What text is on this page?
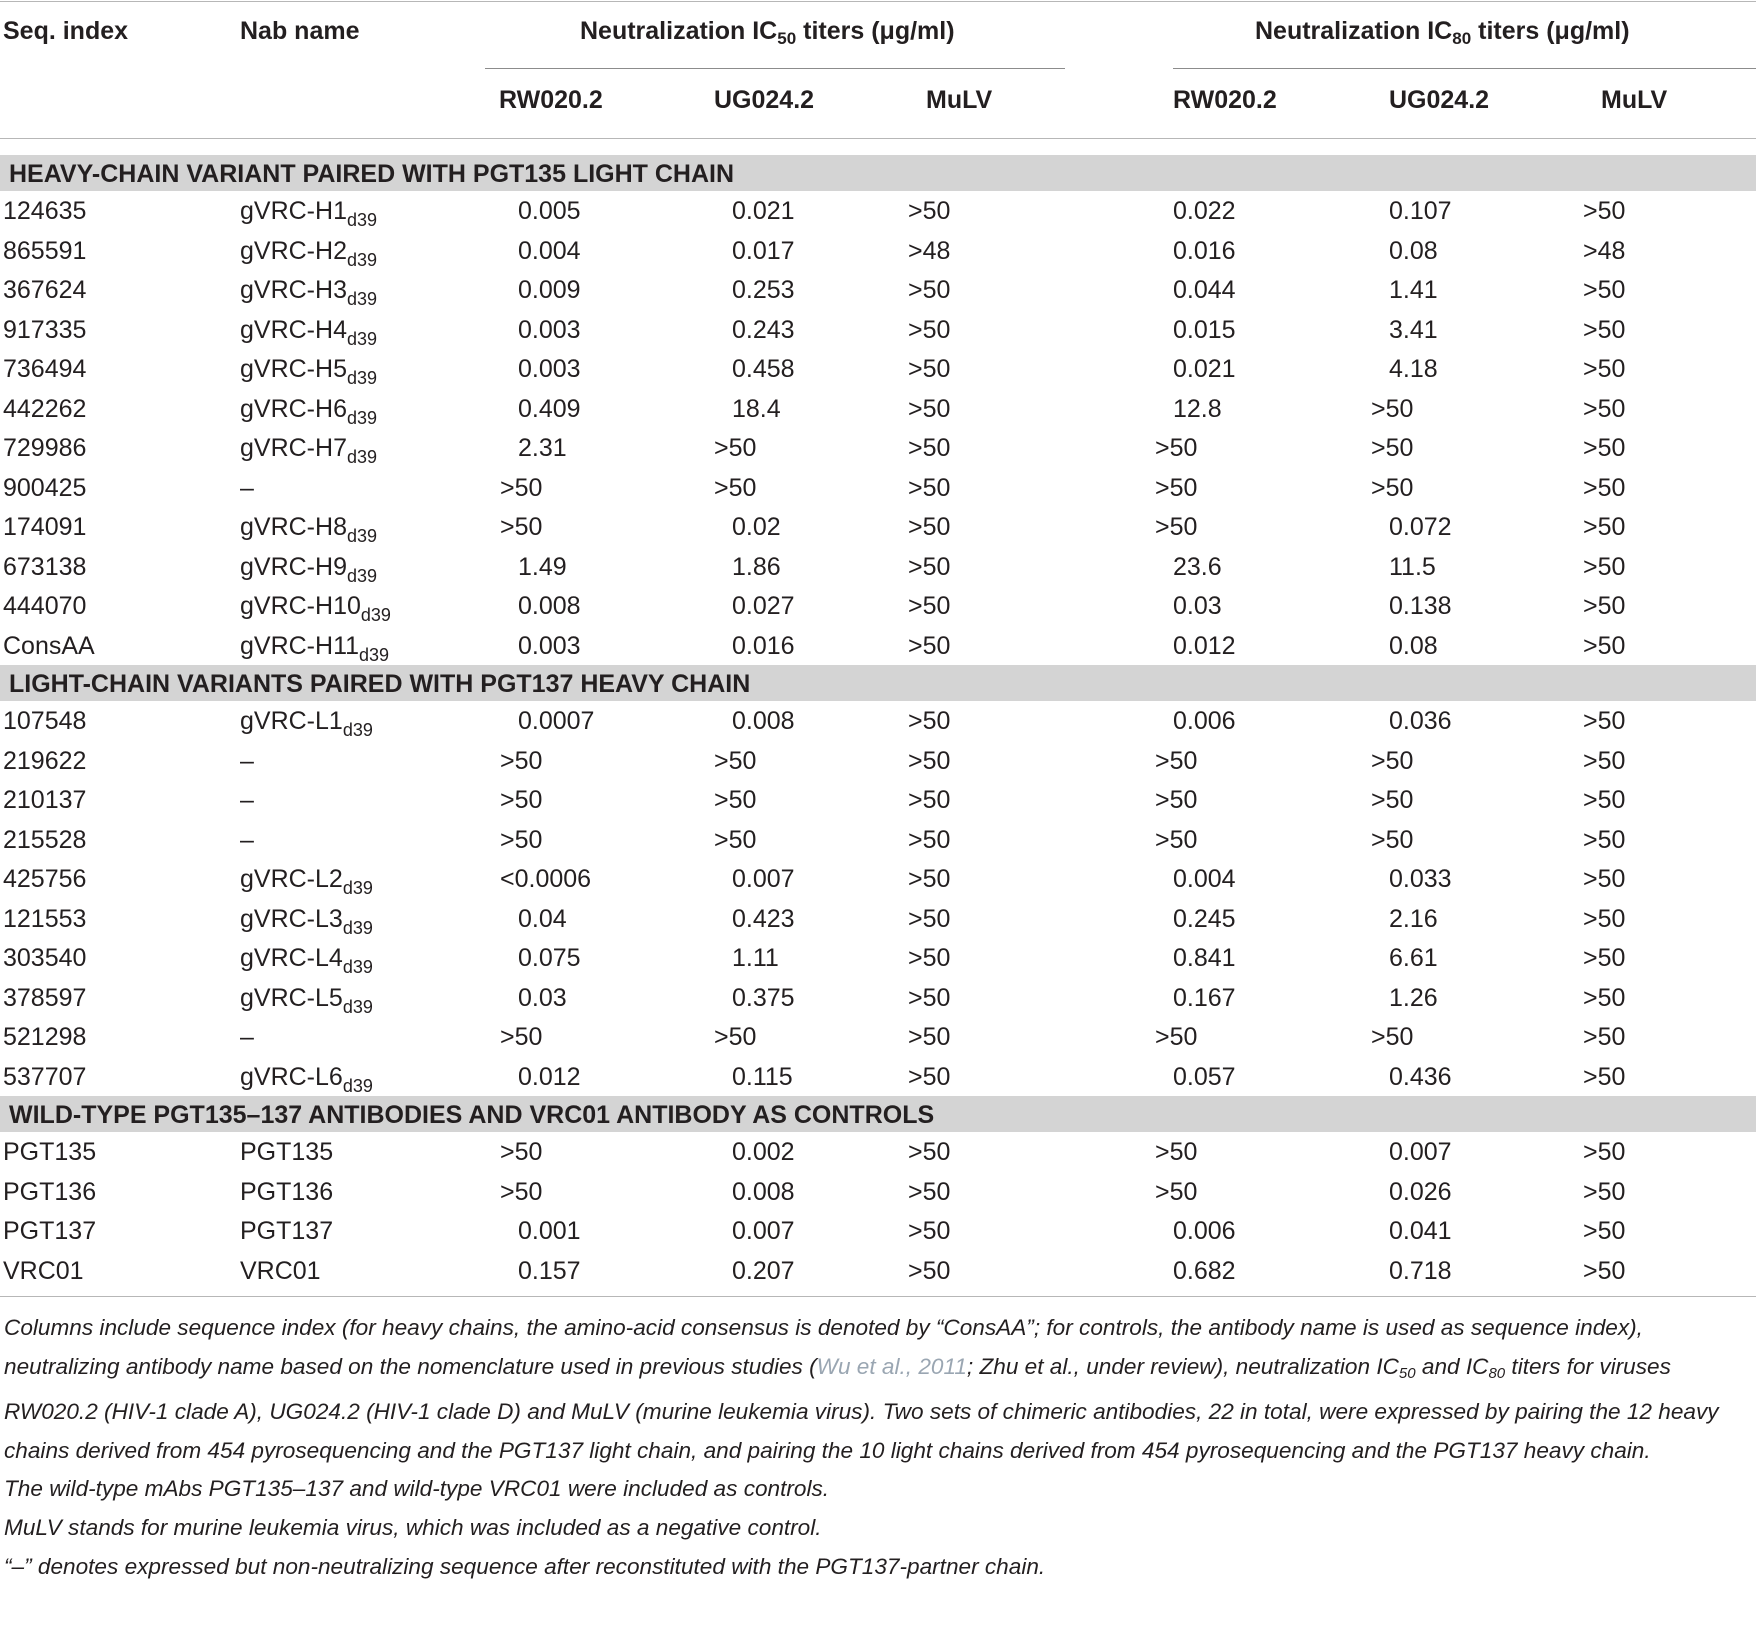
Seq. index	Nab name	Neutralization $IC_{50}$ titers (μg/ml)	Neutralization $IC_{80}$ titers (μg/ml)
RW020.2	UG024.2	MuLV	RW020.2	UG024.2	MuLV
HEAVY-CHAIN VARIANT PAIRED WITH PGT135 LIGHT CHAIN
124635	gVRC-$H1_{d39}$	0.005	0.021	>50	0.022	0.107	>50
865591	gVRC-$H2_{d39}$	0.004	0.017	>48	0.016	0.08	>48
367624	gVRC-$H3_{d39}$	0.009	0.253	>50	0.044	1.41	>50
917335	gVRC-$H4_{d39}$	0.003	0.243	>50	0.015	3.41	>50
736494	gVRC-$H5_{d39}$	0.003	0.458	>50	0.021	4.18	>50
442262	gVRC-$H6_{d39}$	0.409	18.4	>50	12.8	>50	>50
729986	gVRC-$H7_{d39}$	2.31	>50	>50	>50	>50	>50
900425	–	>50	>50	>50	>50	>50	>50
174091	gVRC-$H8_{d39}$	>50	0.02	>50	>50	0.072	>50
673138	gVRC-$H9_{d39}$	1.49	1.86	>50	23.6	11.5	>50
444070	gVRC-$H10_{d39}$	0.008	0.027	>50	0.03	0.138	>50
ConsAA	gVRC-$H11_{d39}$	0.003	0.016	>50	0.012	0.08	>50
LIGHT-CHAIN VARIANTS PAIRED WITH PGT137 HEAVY CHAIN
107548	gVRC-$L1_{d39}$	0.0007	0.008	>50	0.006	0.036	>50
219622	–	>50	>50	>50	>50	>50	>50
210137	–	>50	>50	>50	>50	>50	>50
215528	–	>50	>50	>50	>50	>50	>50
425756	gVRC-$L2_{d39}$	<0.0006	0.007	>50	0.004	0.033	>50
121553	gVRC-$L3_{d39}$	0.04	0.423	>50	0.245	2.16	>50
303540	gVRC-$L4_{d39}$	0.075	1.11	>50	0.841	6.61	>50
378597	gVRC-$L5_{d39}$	0.03	0.375	>50	0.167	1.26	>50
521298	–	>50	>50	>50	>50	>50	>50
537707	gVRC-$L6_{d39}$	0.012	0.115	>50	0.057	0.436	>50
WILD-TYPE PGT135–137 ANTIBODIES AND VRC01 ANTIBODY AS CONTROLS
PGT135	PGT135	>50	0.002	>50	>50	0.007	>50
PGT136	PGT136	>50	0.008	>50	>50	0.026	>50
PGT137	PGT137	0.001	0.007	>50	0.006	0.041	>50
VRC01	VRC01	0.157	0.207	>50	0.682	0.718	>50

Columns include sequence index (for heavy chains, the amino-acid consensus is denoted by “ConsAA”; for controls, the antibody name is used as sequence index), neutralizing antibody name based on the nomenclature used in previous studies (Wu et al., 2011; Zhu et al., under review), neutralization $IC_{50}$ and $IC_{80}$ titers for viruses RW020.2 (HIV-1 clade A), UG024.2 (HIV-1 clade D) and MuLV (murine leukemia virus). Two sets of chimeric antibodies, 22 in total, were expressed by pairing the 12 heavy chains derived from 454 pyrosequencing and the PGT137 light chain, and pairing the 10 light chains derived from 454 pyrosequencing and the PGT137 heavy chain.

The wild-type mAbs PGT135–137 and wild-type VRC01 were included as controls.

MuLV stands for murine leukemia virus, which was included as a negative control.

“–” denotes expressed but non-neutralizing sequence after reconstituted with the PGT137-partner chain.
